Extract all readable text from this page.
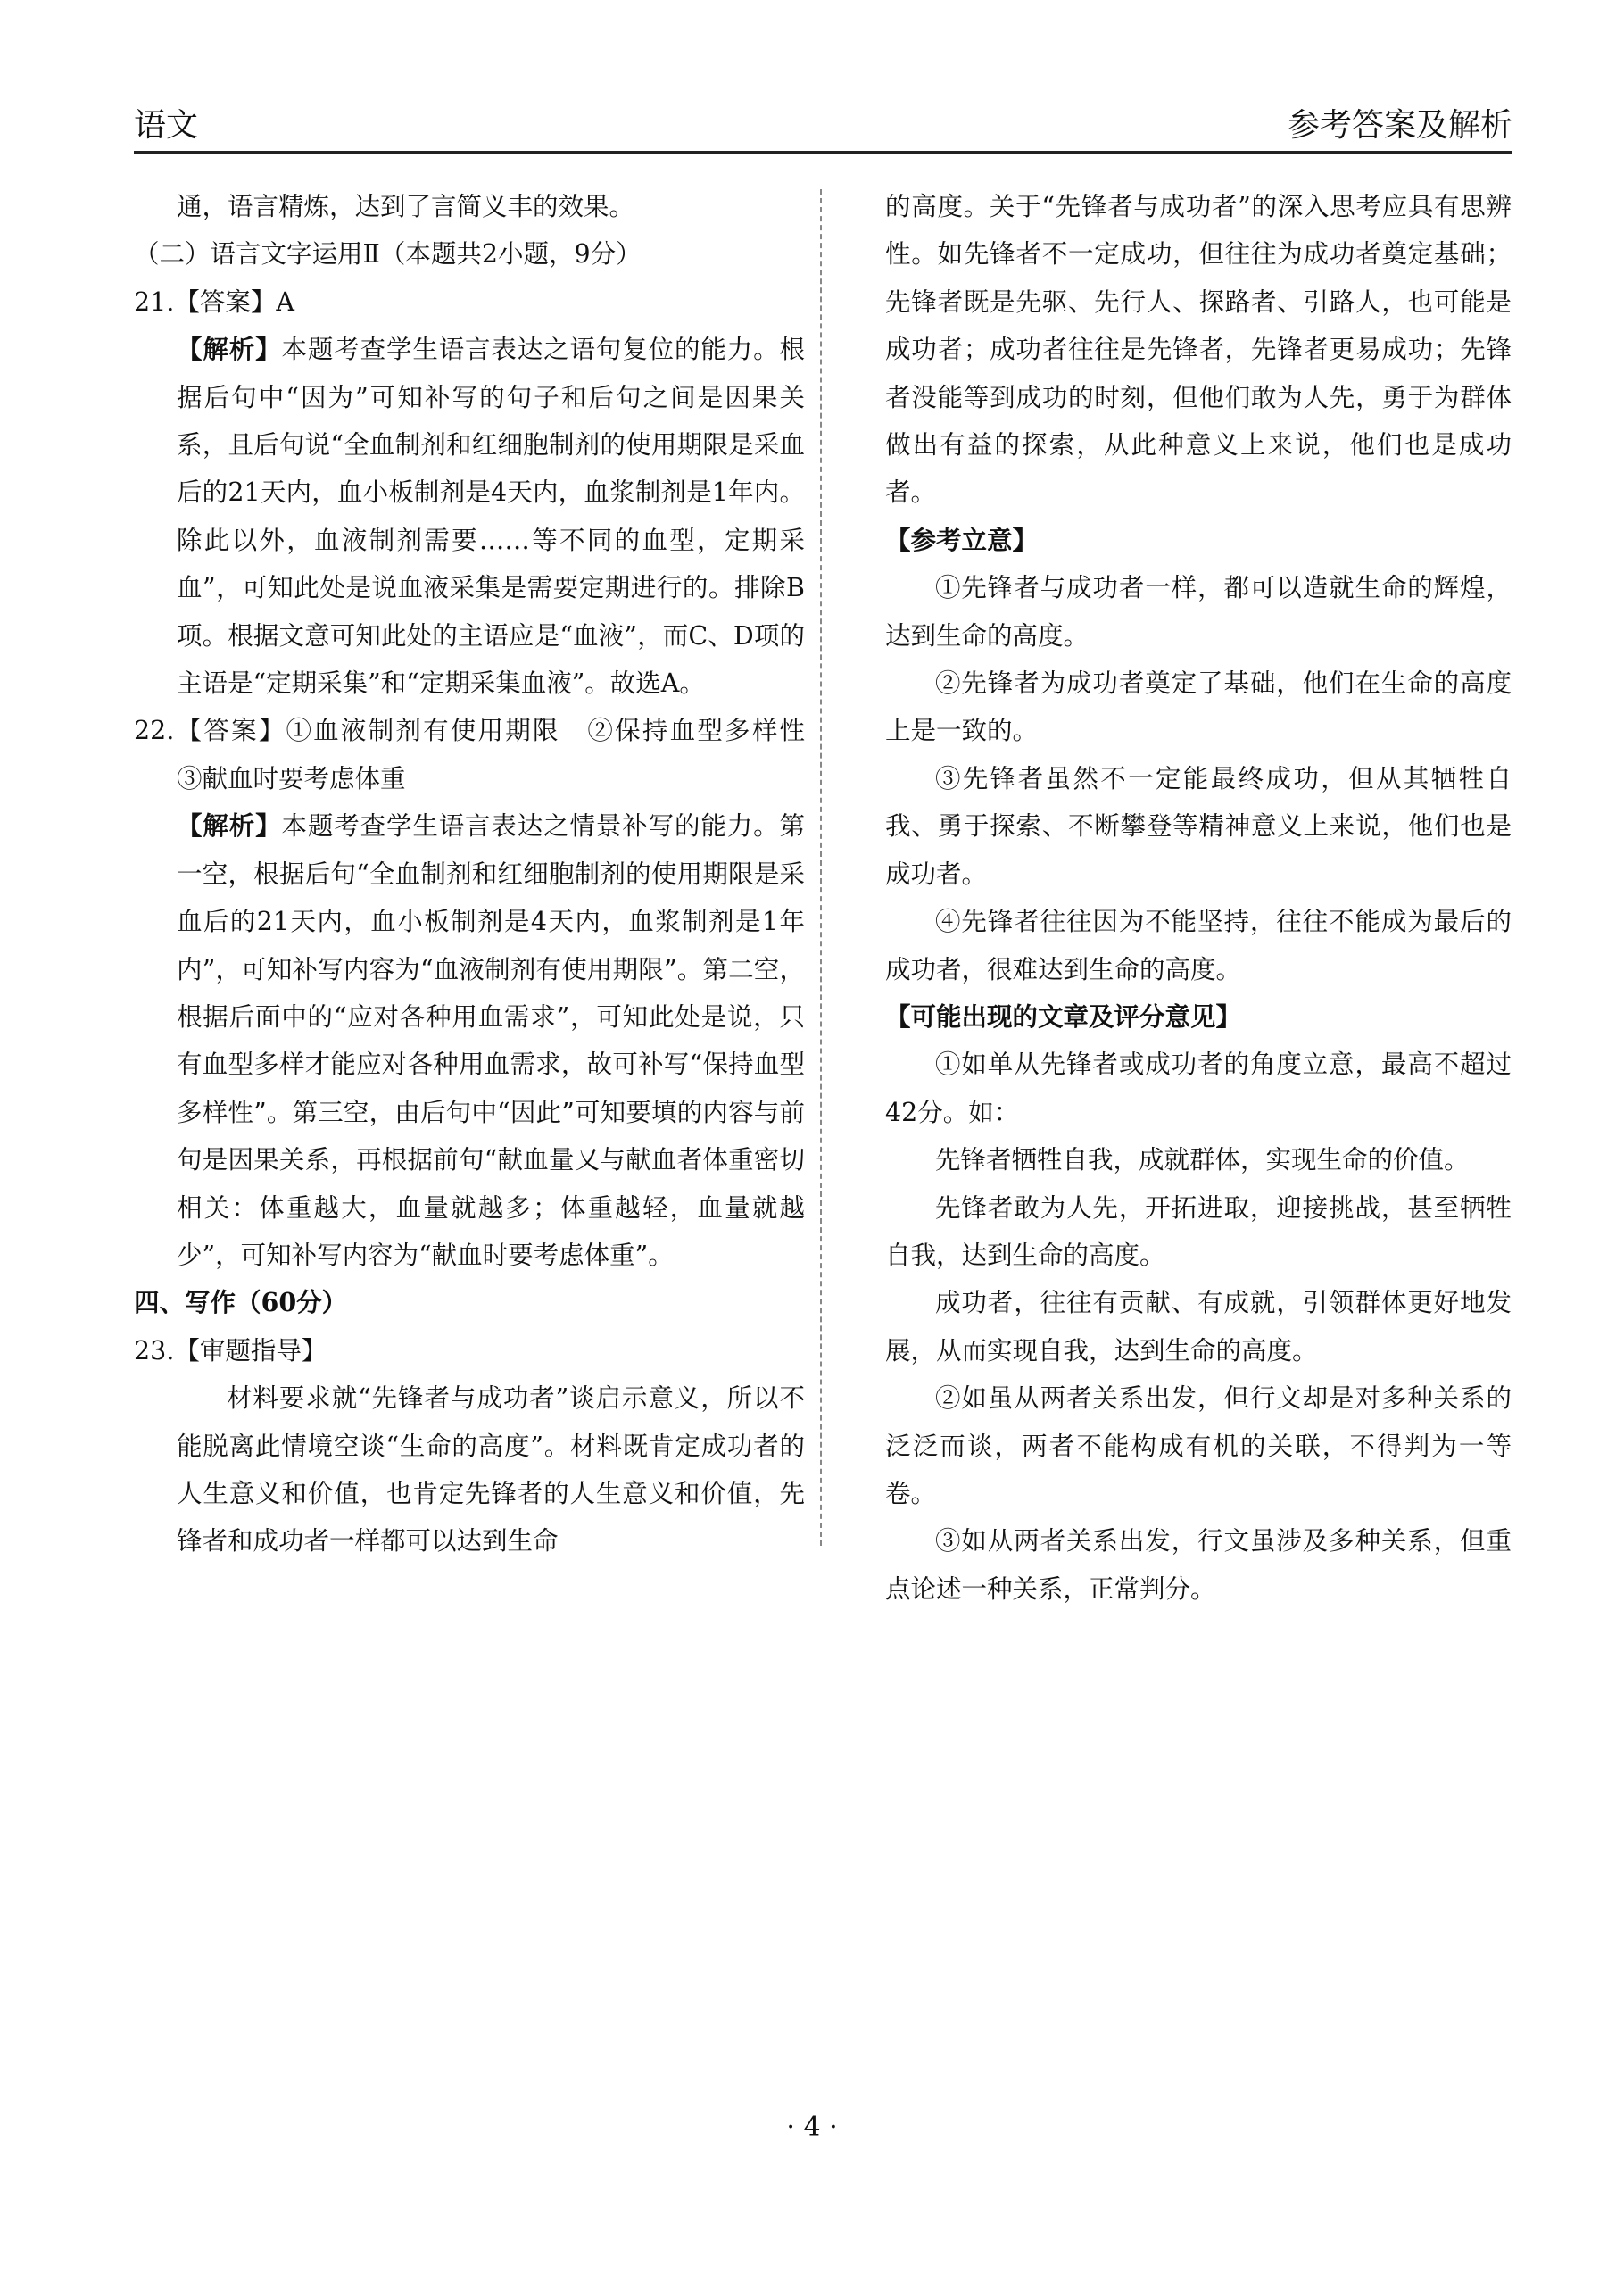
语文	参考答案及解析

通，语言精炼，达到了言简义丰的效果。

（二）语言文字运用Ⅱ（本题共2小题，9分）

21.【答案】A

【解析】本题考查学生语言表达之语句复位的能力。根据后句中“因为”可知补写的句子和后句之间是因果关系，且后句说“全血制剂和红细胞制剂的使用期限是采血后的21天内，血小板制剂是4天内，血浆制剂是1年内。除此以外，血液制剂需要……等不同的血型，定期采血”，可知此处是说血液采集是需要定期进行的。排除B项。根据文意可知此处的主语应是“血液”，而C、D项的主语是“定期采集”和“定期采集血液”。故选A。

22.【答案】①血液制剂有使用期限　②保持血型多样性　③献血时要考虑体重

【解析】本题考查学生语言表达之情景补写的能力。第一空，根据后句“全血制剂和红细胞制剂的使用期限是采血后的21天内，血小板制剂是4天内，血浆制剂是1年内”，可知补写内容为“血液制剂有使用期限”。第二空，根据后面中的“应对各种用血需求”，可知此处是说，只有血型多样才能应对各种用血需求，故可补写“保持血型多样性”。第三空，由后句中“因此”可知要填的内容与前句是因果关系，再根据前句“献血量又与献血者体重密切相关：体重越大，血量就越多；体重越轻，血量就越少”，可知补写内容为“献血时要考虑体重”。

四、写作（60分）

23.【审题指导】

材料要求就“先锋者与成功者”谈启示意义，所以不能脱离此情境空谈“生命的高度”。材料既肯定成功者的人生意义和价值，也肯定先锋者的人生意义和价值，先锋者和成功者一样都可以达到生命

的高度。关于“先锋者与成功者”的深入思考应具有思辨性。如先锋者不一定成功，但往往为成功者奠定基础；先锋者既是先驱、先行人、探路者、引路人，也可能是成功者；成功者往往是先锋者，先锋者更易成功；先锋者没能等到成功的时刻，但他们敢为人先，勇于为群体做出有益的探索，从此种意义上来说，他们也是成功者。

【参考立意】

①先锋者与成功者一样，都可以造就生命的辉煌，达到生命的高度。

②先锋者为成功者奠定了基础，他们在生命的高度上是一致的。

③先锋者虽然不一定能最终成功，但从其牺牲自我、勇于探索、不断攀登等精神意义上来说，他们也是成功者。

④先锋者往往因为不能坚持，往往不能成为最后的成功者，很难达到生命的高度。

【可能出现的文章及评分意见】

①如单从先锋者或成功者的角度立意，最高不超过42分。如：

先锋者牺牲自我，成就群体，实现生命的价值。

先锋者敢为人先，开拓进取，迎接挑战，甚至牺牲自我，达到生命的高度。

成功者，往往有贡献、有成就，引领群体更好地发展，从而实现自我，达到生命的高度。

②如虽从两者关系出发，但行文却是对多种关系的泛泛而谈，两者不能构成有机的关联，不得判为一等卷。

③如从两者关系出发，行文虽涉及多种关系，但重点论述一种关系，正常判分。

· 4 ·
